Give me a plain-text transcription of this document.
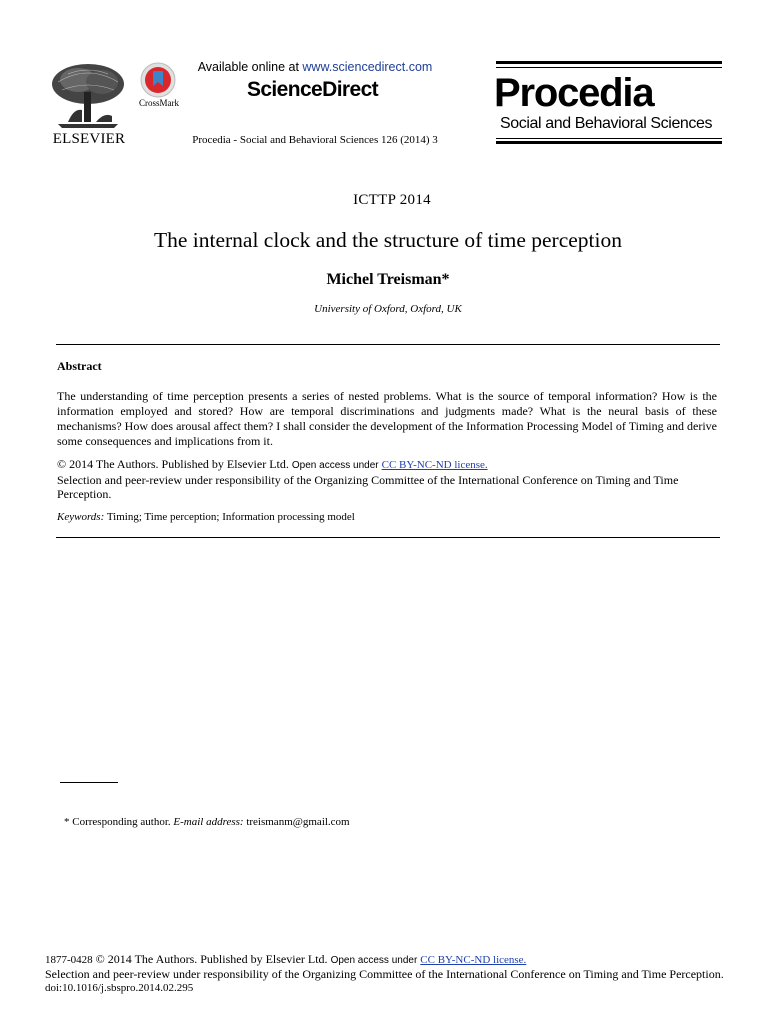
ELSEVIER
CrossMark
Available online at www.sciencedirect.com
ScienceDirect
Procedia - Social and Behavioral Sciences 126 (2014) 3
Procedia
Social and Behavioral Sciences
ICTTP 2014
The internal clock and the structure of time perception
Michel Treisman*
University of Oxford, Oxford, UK
Abstract
The understanding of time perception presents a series of nested problems. What is the source of temporal information? How is the information employed and stored? How are temporal discriminations and judgments made? What is the neural basis of these mechanisms? How does arousal affect them? I shall consider the development of the Information Processing Model of Timing and derive some consequences and implications from it.
© 2014 The Authors. Published by Elsevier Ltd. Open access under CC BY-NC-ND license.
Selection and peer-review under responsibility of the Organizing Committee of the International Conference on Timing and Time Perception.
Keywords: Timing; Time perception; Information processing model
* Corresponding author. E-mail address: treismanm@gmail.com
1877-0428 © 2014 The Authors. Published by Elsevier Ltd. Open access under CC BY-NC-ND license.
Selection and peer-review under responsibility of the Organizing Committee of the International Conference on Timing and Time Perception.
doi:10.1016/j.sbspro.2014.02.295
